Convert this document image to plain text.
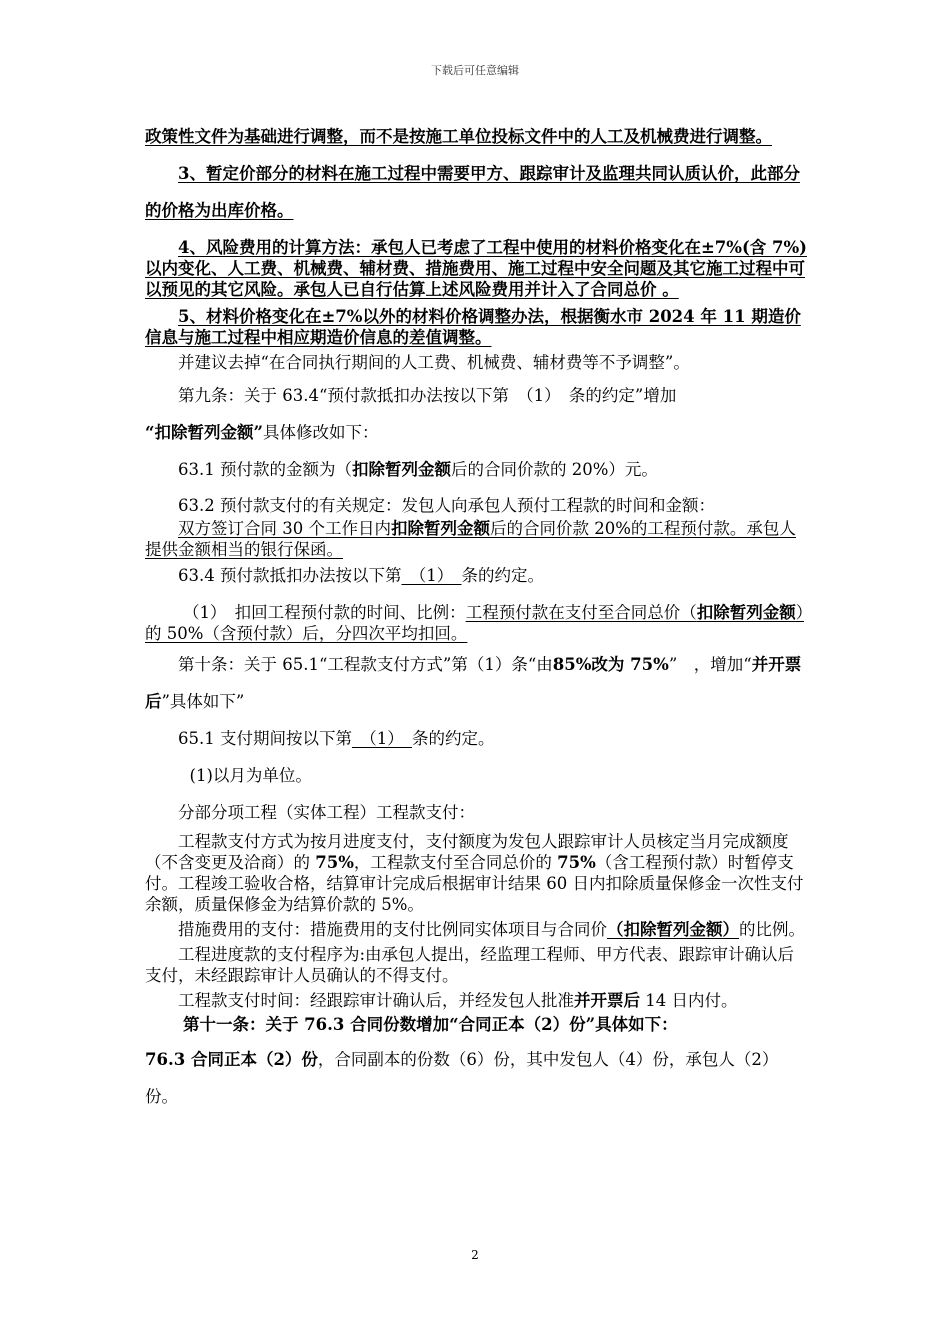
下载后可任意编辑

政策性文件为基础进行调整，而不是按施工单位投标文件中的人工及机械费进行调整。

3、暂定价部分的材料在施工过程中需要甲方、跟踪审计及监理共同认质认价，此部分的价格为出库价格。

4、风险费用的计算方法：承包人已考虑了工程中使用的材料价格变化在±7%(含 7%)以内变化、人工费、机械费、辅材费、措施费用、施工过程中安全问题及其它施工过程中可以预见的其它风险。承包人已自行估算上述风险费用并计入了合同总价 。

5、材料价格变化在±7%以外的材料价格调整办法，根据衡水市 2024 年 11 期造价信息与施工过程中相应期造价信息的差值调整。

并建议去掉“在合同执行期间的人工费、机械费、辅材费等不予调整”。

第九条：关于 63.4“预付款抵扣办法按以下第　（1）　条的约定”增加
“扣除暂列金额”具体修改如下：

63.1 预付款的金额为（扣除暂列金额后的合同价款的 20%）元。

63.2 预付款支付的有关规定：发包人向承包人预付工程款的时间和金额：

双方签订合同 30 个工作日内扣除暂列金额后的合同价款 20%的工程预付款。承包人提供金额相当的银行保函。

63.4 预付款抵扣办法按以下第　（1）　条的约定。

（1）　扣回工程预付款的时间、比例：工程预付款在支付至合同总价（扣除暂列金额）的 50%（含预付款）后，分四次平均扣回。

第十条：关于 65.1“工程款支付方式”第（1）条“由85%改为 75%”　，增加“并开票后”具体如下”

65.1 支付期间按以下第　（1）　条的约定。

(1)以月为单位。

分部分项工程（实体工程）工程款支付：

工程款支付方式为按月进度支付，支付额度为发包人跟踪审计人员核定当月完成额度（不含变更及洽商）的 75%，工程款支付至合同总价的 75%（含工程预付款）时暂停支付。工程竣工验收合格，结算审计完成后根据审计结果 60 日内扣除质量保修金一次性支付余额，质量保修金为结算价款的 5%。

措施费用的支付：措施费用的支付比例同实体项目与合同价（扣除暂列金额）的比例。

工程进度款的支付程序为:由承包人提出，经监理工程师、甲方代表、跟踪审计确认后支付，未经跟踪审计人员确认的不得支付。

工程款支付时间：经跟踪审计确认后，并经发包人批准并开票后 14 日内付。

第十一条：关于 76.3 合同份数增加“合同正本（2）份”具体如下：

76.3 合同正本（2）份，合同副本的份数（6）份，其中发包人（4）份，承包人（2）份。

2
